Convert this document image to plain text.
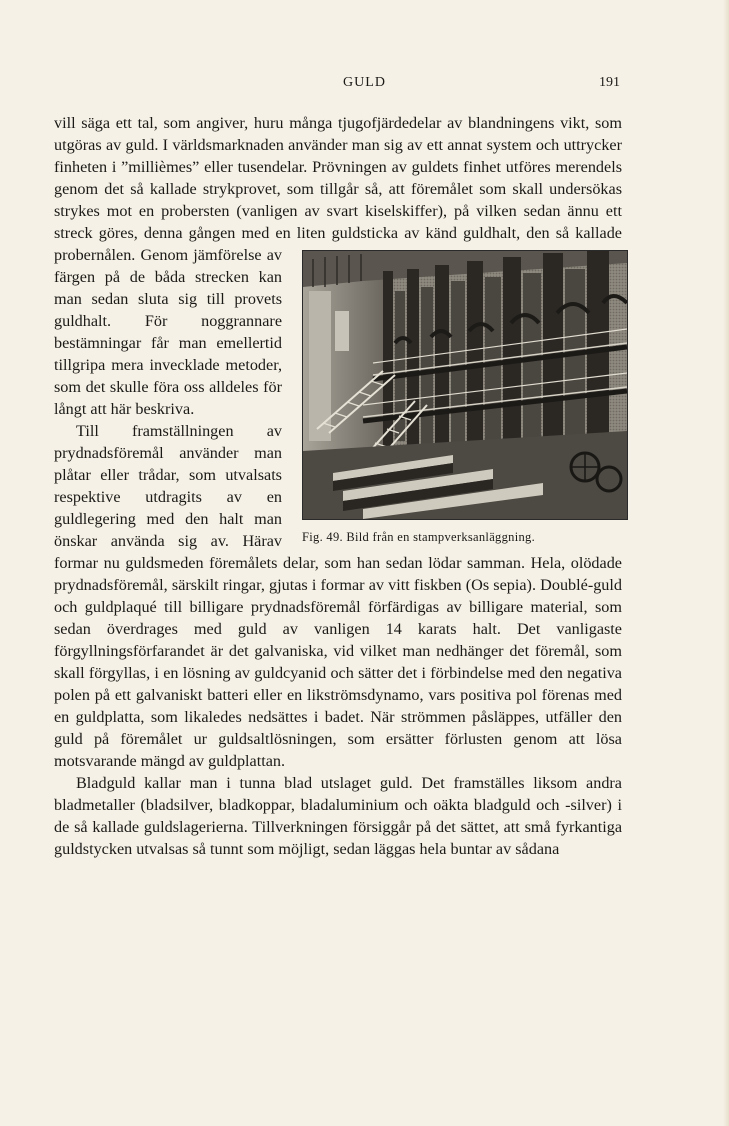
GULD	191

vill säga ett tal, som angiver, huru många tjugofjärdedelar av blandningens vikt, som utgöras av guld. I världsmarknaden använder man sig av ett annat system och uttrycker finheten i ”millièmes” eller tusendelar. Prövningen av guldets finhet utföres merendels genom det så kallade strykprovet, som tillgår så, att föremålet som skall undersökas strykes mot en probersten (vanligen av svart kiselskiffer), på vilken sedan ännu ett streck göres, denna gången med en liten guldsticka av känd guldhalt, den så kallade probernålen.
Fig. 49. Bild från en stampverksanläggning.
Genom jämförelse av färgen på de båda strecken kan man sedan sluta sig till provets guldhalt. För noggrannare bestämningar får man emellertid tillgripa mera invecklade metoder, som det skulle föra oss alldeles för långt att här beskriva.

Till framställningen av prydnadsföremål använder man plåtar eller trådar, som utvalsats respektive utdragits av en guldlegering med den halt man önskar använda sig av. Härav formar nu guldsmeden föremålets delar, som han sedan lödar samman. Hela, olödade prydnadsföremål, särskilt ringar, gjutas i formar av vitt fiskben (Os sepia). Doublé-guld och guldplaqué till billigare prydnadsföremål förfärdigas av billigare material, som sedan överdrages med guld av vanligen 14 karats halt. Det vanligaste förgyllningsförfarandet är det galvaniska, vid vilket man nedhänger det föremål, som skall förgyllas, i en lösning av guldcyanid och sätter det i förbindelse med den negativa polen på ett galvaniskt batteri eller en likströmsdynamo, vars positiva pol förenas med en guldplatta, som likaledes nedsättes i badet. När strömmen påsläppes, utfäller den guld på föremålet ur guldsaltlösningen, som ersätter förlusten genom att lösa motsvarande mängd av guldplattan.

Bladguld kallar man i tunna blad utslaget guld. Det framställes liksom andra bladmetaller (bladsilver, bladkoppar, bladaluminium och oäkta bladguld och -silver) i de så kallade guldslagerierna. Tillverkningen försiggår på det sättet, att små fyrkantiga guldstycken utvalsas så tunnt som möjligt, sedan läggas hela buntar av sådana
